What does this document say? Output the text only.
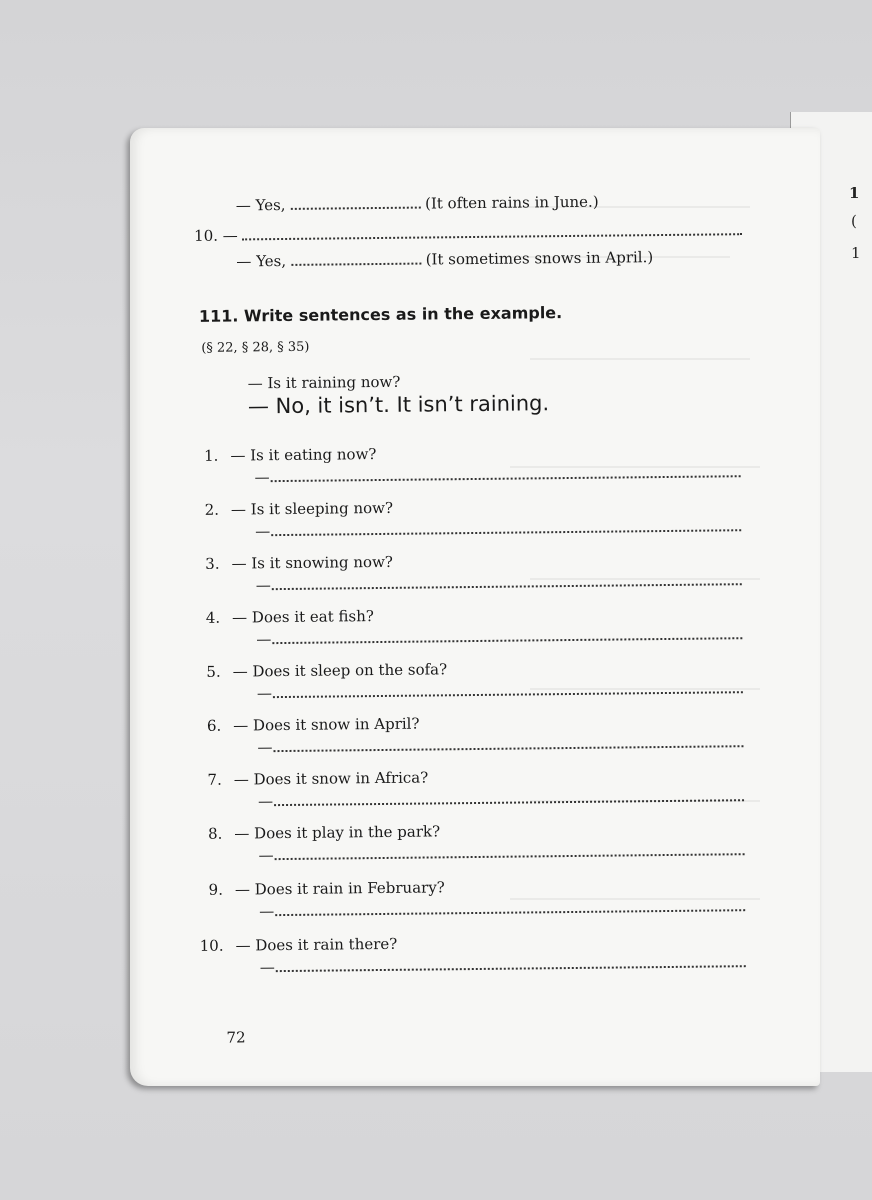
1
(
1
— Yes,	(It often rains in June.)
10. —
— Yes,	(It sometimes snows in April.)
111. Write sentences as in the example.
(§ 22, § 28, § 35)
— Is it raining now?
— No, it isn’t. It isn’t raining.
1. — Is it eating now?
—
2. — Is it sleeping now?
—
3. — Is it snowing now?
—
4. — Does it eat fish?
—
5. — Does it sleep on the sofa?
—
6. — Does it snow in April?
—
7. — Does it snow in Africa?
—
8. — Does it play in the park?
—
9. — Does it rain in February?
—
10. — Does it rain there?
—
72
